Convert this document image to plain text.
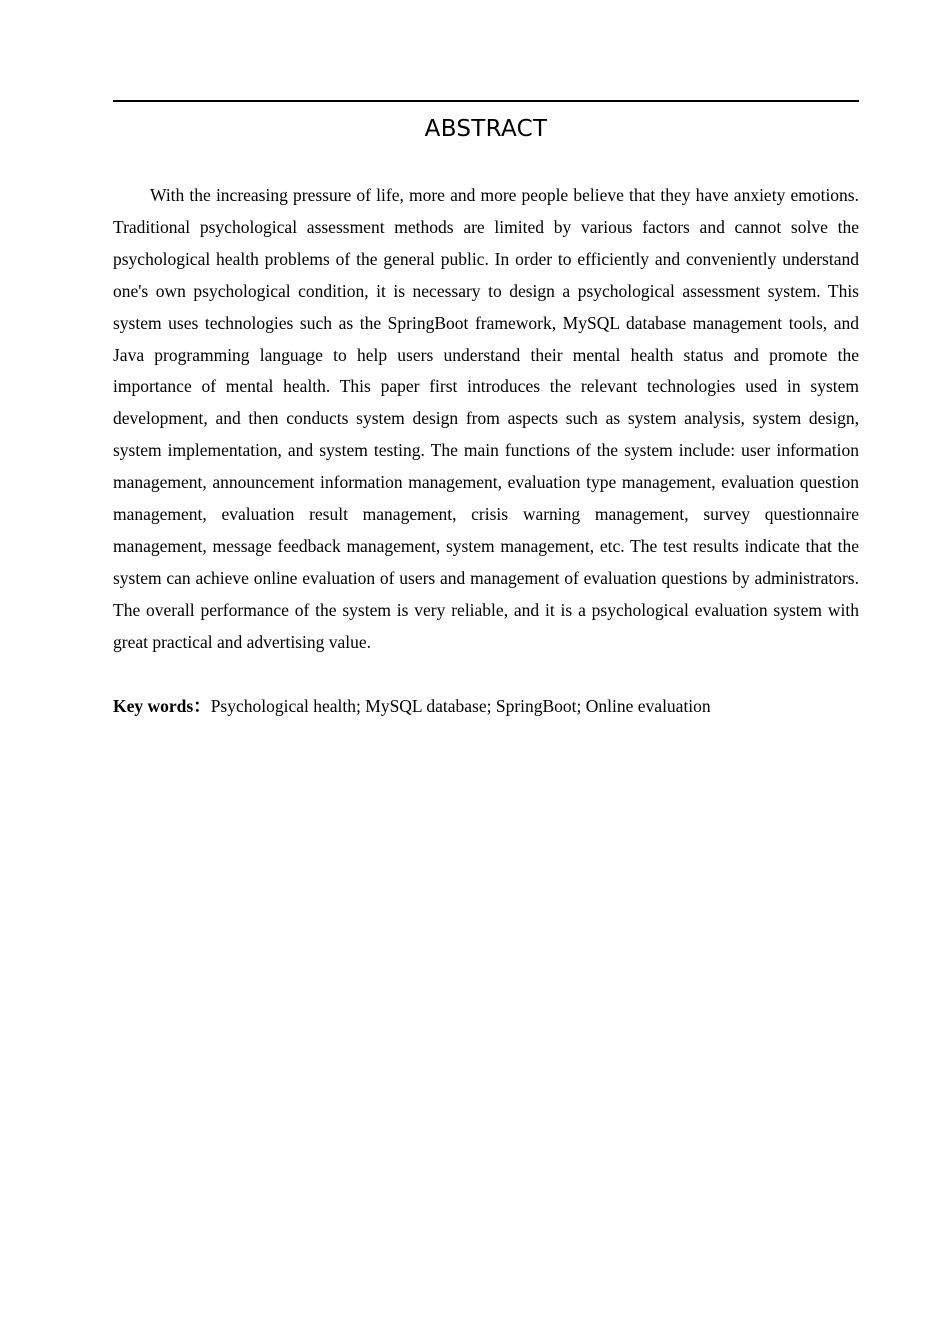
ABSTRACT

With the increasing pressure of life, more and more people believe that they have anxiety emotions. Traditional psychological assessment methods are limited by various factors and cannot solve the psychological health problems of the general public. In order to efficiently and conveniently understand one's own psychological condition, it is necessary to design a psychological assessment system. This system uses technologies such as the SpringBoot framework, MySQL database management tools, and Java programming language to help users understand their mental health status and promote the importance of mental health. This paper first introduces the relevant technologies used in system development, and then conducts system design from aspects such as system analysis, system design, system implementation, and system testing. The main functions of the system include: user information management, announcement information management, evaluation type management, evaluation question management, evaluation result management, crisis warning management, survey questionnaire management, message feedback management, system management, etc. The test results indicate that the system can achieve online evaluation of users and management of evaluation questions by administrators. The overall performance of the system is very reliable, and it is a psychological evaluation system with great practical and advertising value.

Key words：Psychological health; MySQL database; SpringBoot; Online evaluation
